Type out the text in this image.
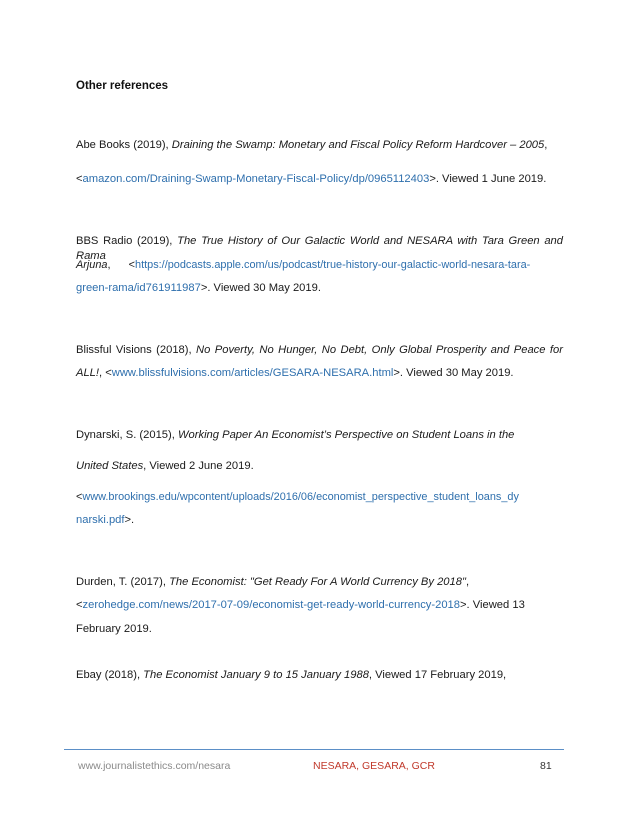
Other references
Abe Books (2019), Draining the Swamp: Monetary and Fiscal Policy Reform Hardcover – 2005,
<amazon.com/Draining-Swamp-Monetary-Fiscal-Policy/dp/0965112403>. Viewed 1 June 2019.
BBS Radio (2019), The True History of Our Galactic World and NESARA with Tara Green and Rama
Arjuna,      <https://podcasts.apple.com/us/podcast/true-history-our-galactic-world-nesara-tara-
green-rama/id761911987>. Viewed 30 May 2019.
Blissful Visions (2018), No Poverty, No Hunger, No Debt, Only Global Prosperity and Peace for
ALL!, <www.blissfulvisions.com/articles/GESARA-NESARA.html>. Viewed 30 May 2019.
Dynarski, S. (2015), Working Paper An Economist’s Perspective on Student Loans in the
United States, Viewed 2 June 2019.
<www.brookings.edu/wpcontent/uploads/2016/06/economist_perspective_student_loans_dy
narski.pdf>.
Durden, T. (2017), The Economist: "Get Ready For A World Currency By 2018",
<zerohedge.com/news/2017-07-09/economist-get-ready-world-currency-2018>. Viewed 13
February 2019.
Ebay (2018), The Economist January 9 to 15 January 1988, Viewed 17 February 2019,
www.journalistethics.com/nesara	NESARA, GESARA, GCR	81
